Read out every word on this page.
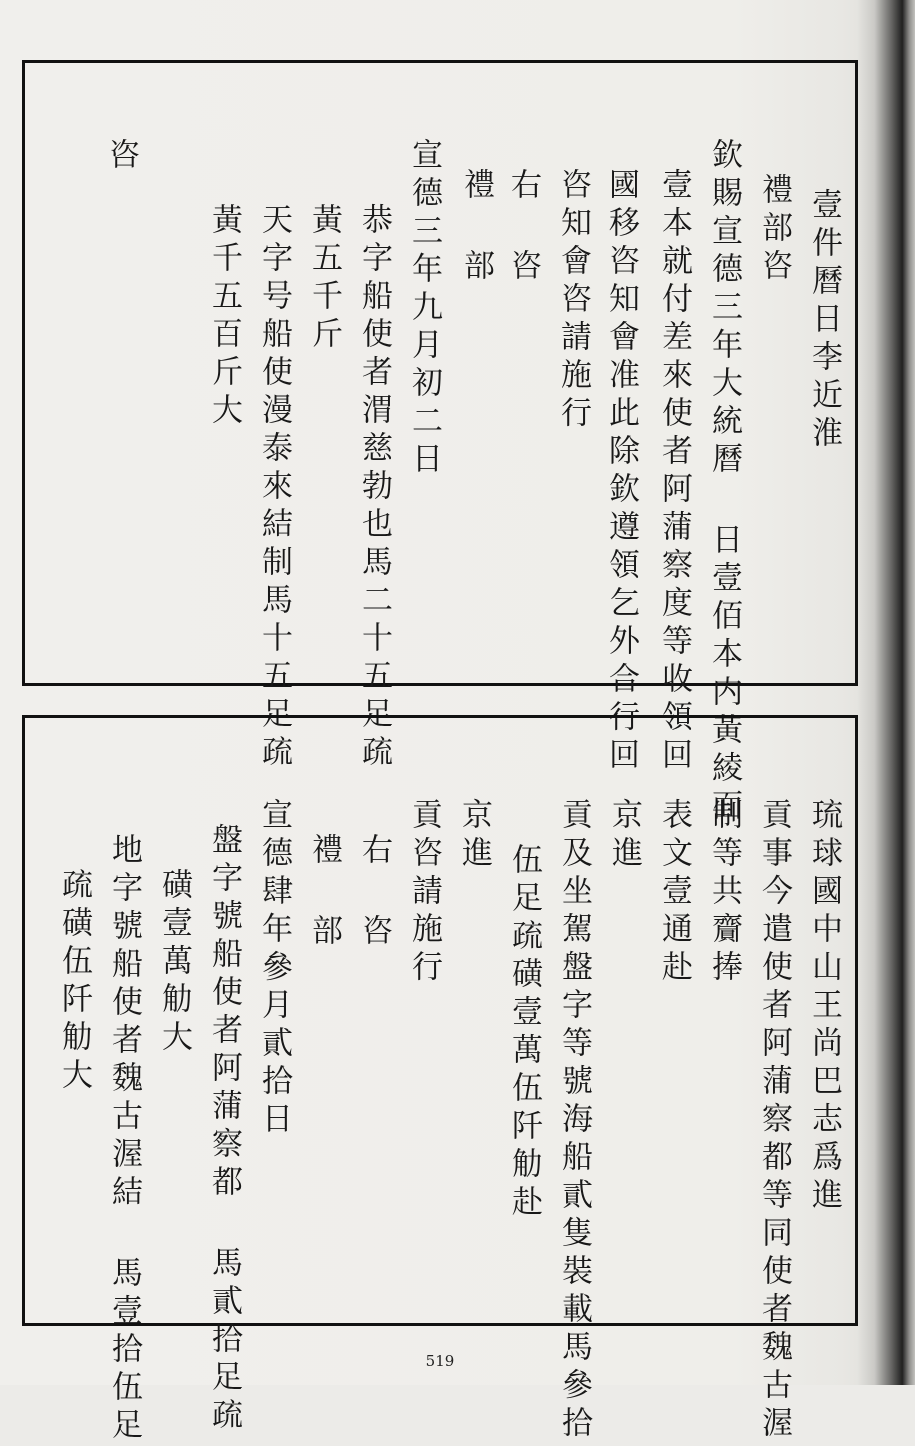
壹件曆日李近淮
禮部咨
欽賜宣德三年大統曆 日壹佰本内黃綾面
壹本就付差來使者阿蒲察度等收領回
國移咨知會准此除欽遵領乞外合行回
咨知會咨請施行
右 咨
禮 部
宣德三年九月初二日
恭字船使者渭慈勃也馬二十五足疏
黃五千斤
天字号船使漫泰來結制馬十五足疏
黃千五百斤大
咨
琉球國中山王尚巴志爲進
貢事今遣使者阿蒲察都等同使者魏古渥
制等共齎捧
表文壹通赴
京進
貢及坐駕盤字等號海船貳隻裝載馬參拾
伍足疏磺壹萬伍阡觔赴
京進
貢咨請施行
右 咨
禮 部
宣德肆年參月貳拾日
盤字號船使者阿蒲察都 馬貳拾足疏
磺壹萬觔大
地字號船使者魏古渥結 馬壹拾伍足
疏磺伍阡觔大
519
